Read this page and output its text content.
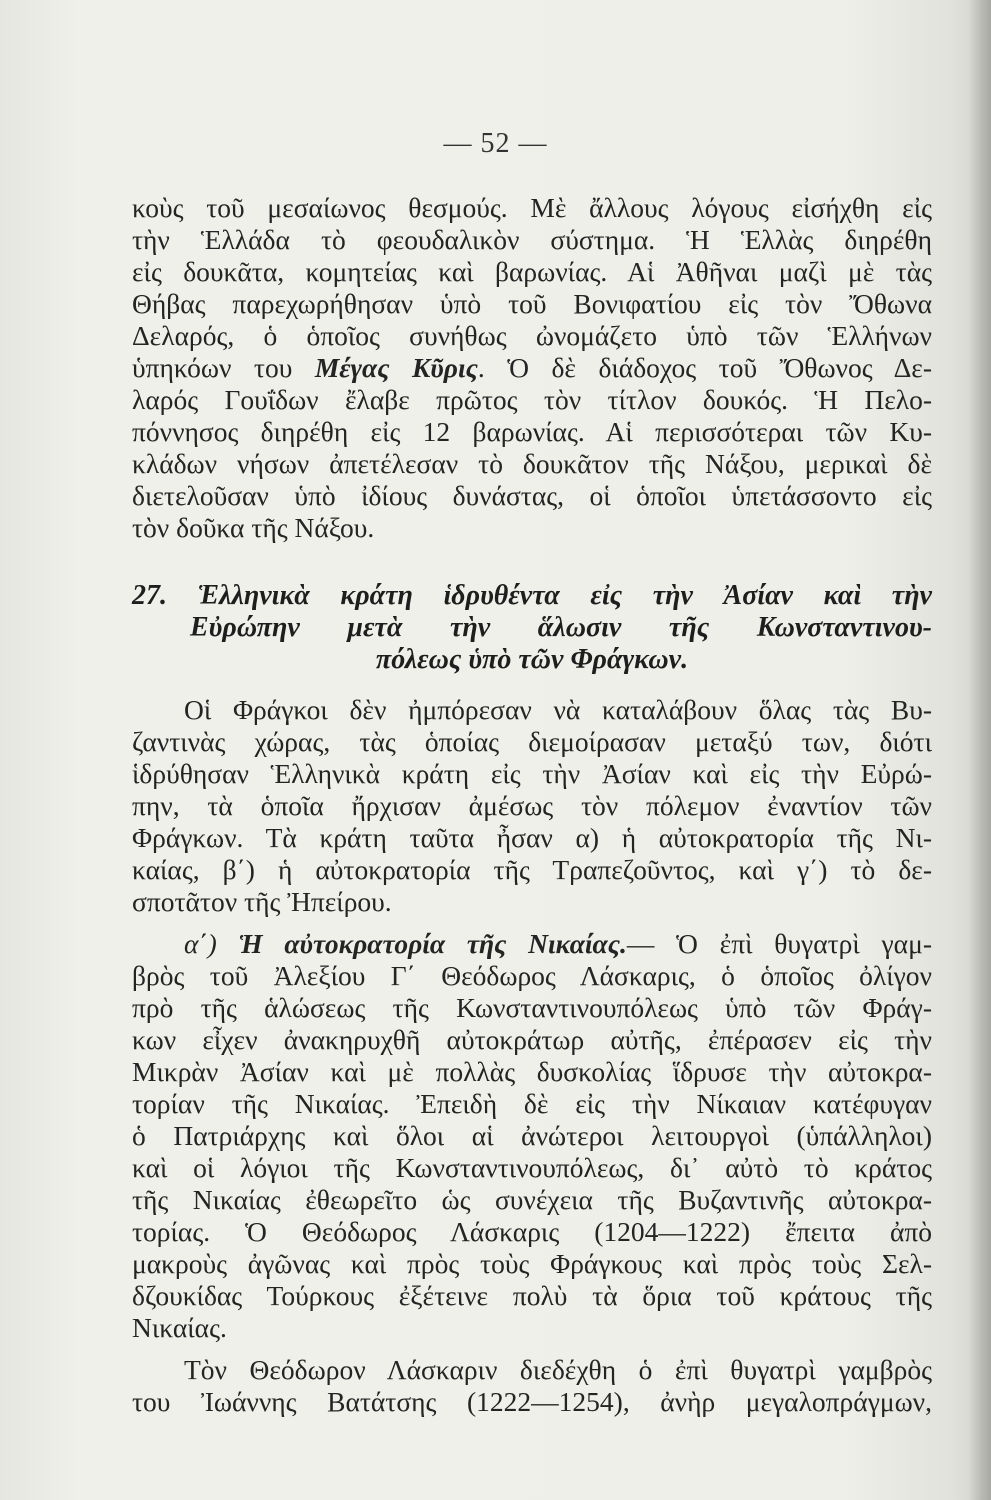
— 52 —
κοὺς τοῦ μεσαίωνος θεσμούς. Μὲ ἄλλους λόγους εἰσήχθη εἰς
τὴν Ἑλλάδα τὸ φεουδαλικὸν σύστημα. Ἡ Ἑλλὰς διηρέθη
εἰς δουκᾶτα, κομητείας καὶ βαρωνίας. Αἱ Ἀθῆναι μαζὶ μὲ τὰς
Θήβας παρεχωρήθησαν ὑπὸ τοῦ Βονιφατίου εἰς τὸν Ὄθωνα
Δελαρός, ὁ ὁποῖος συνήθως ὠνομάζετο ὑπὸ τῶν Ἑλλήνων
ὑπηκόων του Μέγας Κῦρις. Ὁ δὲ διάδοχος τοῦ Ὄθωνος Δε-
λαρός Γουΐδων ἔλαβε πρῶτος τὸν τίτλον δουκός. Ἡ Πελο-
πόννησος διηρέθη εἰς 12 βαρωνίας. Αἱ περισσότεραι τῶν Κυ-
κλάδων νήσων ἀπετέλεσαν τὸ δουκᾶτον τῆς Νάξου, μερικαὶ δὲ
διετελοῦσαν ὑπὸ ἰδίους δυνάστας, οἱ ὁποῖοι ὑπετάσσοντο εἰς
τὸν δοῦκα τῆς Νάξου.
27. Ἑλληνικὰ κράτη ἱδρυθέντα εἰς τὴν Ἀσίαν καὶ τὴν
Εὐρώπην μετὰ τὴν ἅλωσιν τῆς Κωνσταντινου-
πόλεως ὑπὸ τῶν Φράγκων.
Οἱ Φράγκοι δὲν ἠμπόρεσαν νὰ καταλάβουν ὅλας τὰς Βυ-
ζαντινὰς χώρας, τὰς ὁποίας διεμοίρασαν μεταξύ των, διότι
ἱδρύθησαν Ἑλληνικὰ κράτη εἰς τὴν Ἀσίαν καὶ εἰς τὴν Εὐρώ-
πην, τὰ ὁποῖα ἤρχισαν ἀμέσως τὸν πόλεμον ἐναντίον τῶν
Φράγκων. Τὰ κράτη ταῦτα ἦσαν α) ἡ αὐτοκρατορία τῆς Νι-
καίας, β΄) ἡ αὐτοκρατορία τῆς Τραπεζοῦντος, καὶ γ΄) τὸ δε-
σποτᾶτον τῆς Ἠπείρου.
α΄) Ἡ αὐτοκρατορία τῆς Νικαίας.— Ὁ ἐπὶ θυγατρὶ γαμ-
βρὸς τοῦ Ἀλεξίου Γ΄ Θεόδωρος Λάσκαρις, ὁ ὁποῖος ὀλίγον
πρὸ τῆς ἁλώσεως τῆς Κωνσταντινουπόλεως ὑπὸ τῶν Φράγ-
κων εἶχεν ἀνακηρυχθῆ αὐτοκράτωρ αὐτῆς, ἐπέρασεν εἰς τὴν
Μικρὰν Ἀσίαν καὶ μὲ πολλὰς δυσκολίας ἵδρυσε τὴν αὐτοκρα-
τορίαν τῆς Νικαίας. Ἐπειδὴ δὲ εἰς τὴν Νίκαιαν κατέφυγαν
ὁ Πατριάρχης καὶ ὅλοι αἱ ἀνώτεροι λειτουργοὶ (ὑπάλληλοι)
καὶ οἱ λόγιοι τῆς Κωνσταντινουπόλεως, δι᾽ αὐτὸ τὸ κράτος
τῆς Νικαίας ἐθεωρεῖτο ὡς συνέχεια τῆς Βυζαντινῆς αὐτοκρα-
τορίας. Ὁ Θεόδωρος Λάσκαρις (1204—1222) ἔπειτα ἀπὸ
μακροὺς ἀγῶνας καὶ πρὸς τοὺς Φράγκους καὶ πρὸς τοὺς Σελ-
δζουκίδας Τούρκους ἐξέτεινε πολὺ τὰ ὅρια τοῦ κράτους τῆς
Νικαίας.
Τὸν Θεόδωρον Λάσκαριν διεδέχθη ὁ ἐπὶ θυγατρὶ γαμβρὸς
του Ἰωάννης Βατάτσης (1222—1254), ἀνὴρ μεγαλοπράγμων,
